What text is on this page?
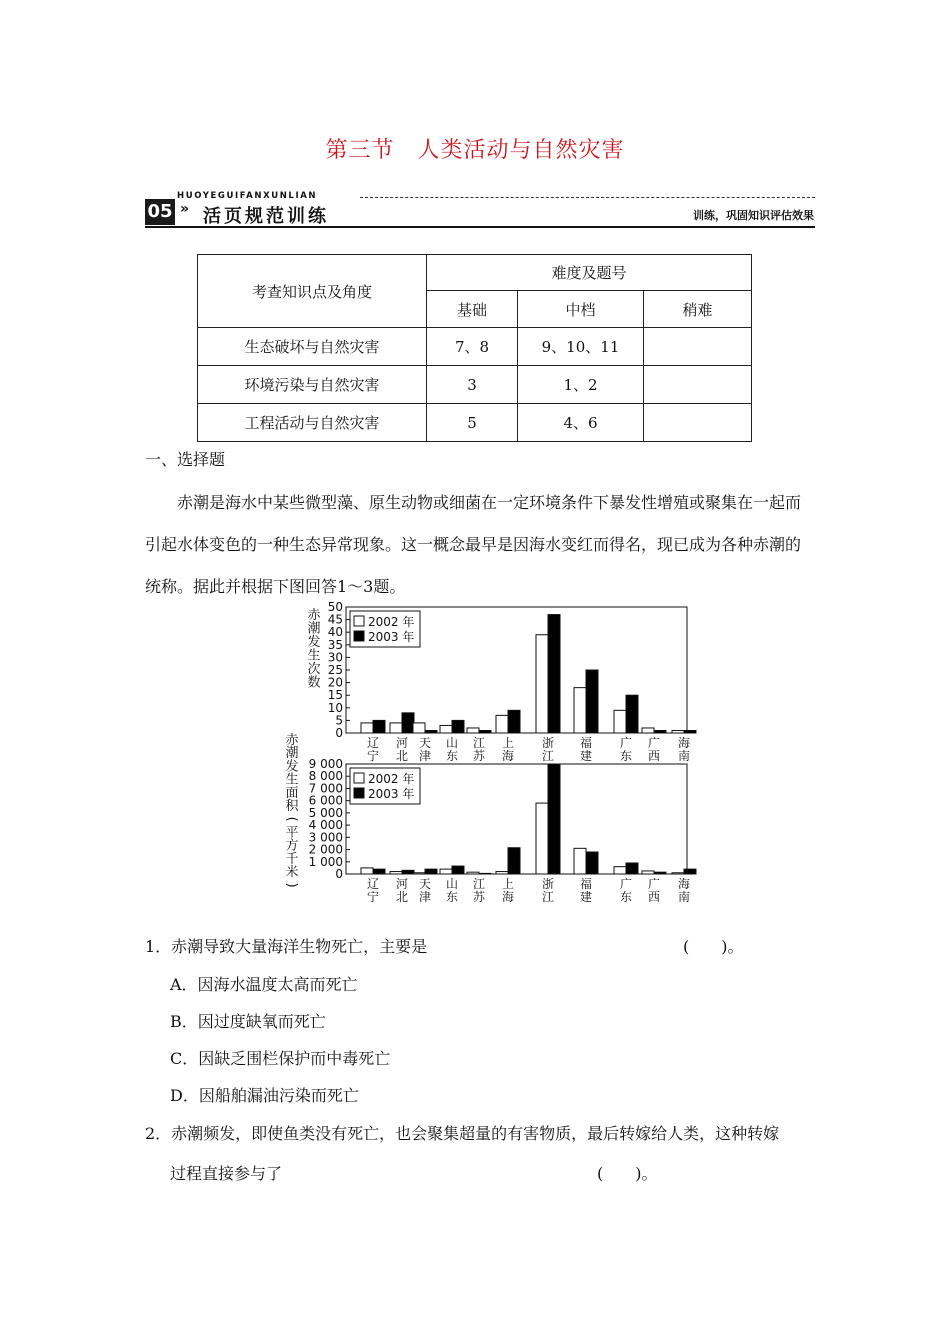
第三节　人类活动与自然灾害
HUOYEGUIFANXUNLIAN
05 » 活页规范训练	训练，巩固知识评估效果
考查知识点及角度	难度及题号		
	基础	中档	稍难
生态破坏与自然灾害	7、8	9、10、11	
环境污染与自然灾害	3	1、2	
工程活动与自然灾害	5	4、6	
一、选择题
赤潮是海水中某些微型藻、原生动物或细菌在一定环境条件下暴发性增殖或聚集在一起而引起水体变色的一种生态异常现象。这一概念最早是因海水变红而得名，现已成为各种赤潮的统称。据此并根据下图回答1～3题。
0
5
10
15
20
25
30
35
40
45
50
赤
潮
发
生
次
数
辽
宁
河
北
天
津
山
东
江
苏
上
海
浙
江
福
建
广
东
广
西
海
南
2002 年
2003 年
0
1 000
2 000
3 000
4 000
5 000
6 000
7 000
8 000
9 000
赤
潮
发
生
面
积
(
平
方
千
米
)	辽
宁
河
北
天
津
山
东
江
苏
上
海
浙
江
福
建
广
东
广
西
海
南
2002 年
2003 年
1．赤潮导致大量海洋生物死亡，主要是	(　　)。
A．因海水温度太高而死亡
B．因过度缺氧而死亡
C．因缺乏围栏保护而中毒死亡
D．因船舶漏油污染而死亡
2．赤潮频发，即使鱼类没有死亡，也会聚集超量的有害物质，最后转嫁给人类，这种转嫁
过程直接参与了	(　　)。
